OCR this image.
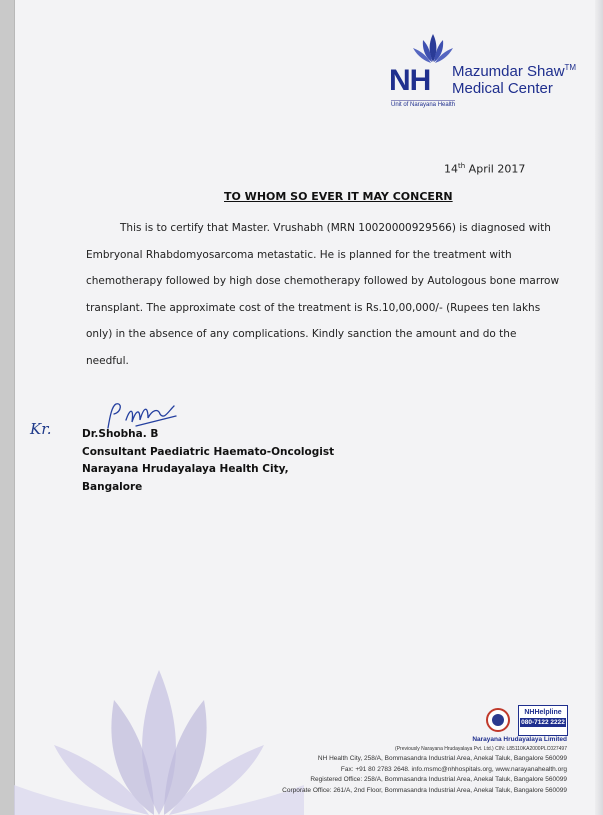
NH Mazumdar Shaw™
Medical Center
Unit of Narayana Health
14th April 2017
TO WHOM SO EVER IT MAY CONCERN

This is to certify that Master. Vrushabh (MRN 10020000929566) is diagnosed with Embryonal Rhabdomyosarcoma metastatic. He is planned for the treatment with chemotherapy followed by high dose chemotherapy followed by Autologous bone marrow transplant. The approximate cost of the treatment is Rs.10,00,000/- (Rupees ten lakhs only) in the absence of any complications. Kindly sanction the amount and do the needful.

Kr.	Dr.Shobha. B
Consultant Paediatric Haemato-Oncologist
Narayana Hrudayalaya Health City,
Bangalore
NHHelpline
080-7122 2222
Narayana Hrudayalaya Limited
(Previously Narayana Hrudayalaya Pvt. Ltd.) CIN: L85110KA2000PLC027497
NH Health City, 258/A, Bommasandra Industrial Area, Anekal Taluk, Bangalore 560099
Fax: +91 80 2783 2648. info.msmc@nhhospitals.org, www.narayanahealth.org
Registered Office: 258/A, Bommasandra Industrial Area, Anekal Taluk, Bangalore 560099
Corporate Office: 261/A, 2nd Floor, Bommasandra Industrial Area, Anekal Taluk, Bangalore 560099
